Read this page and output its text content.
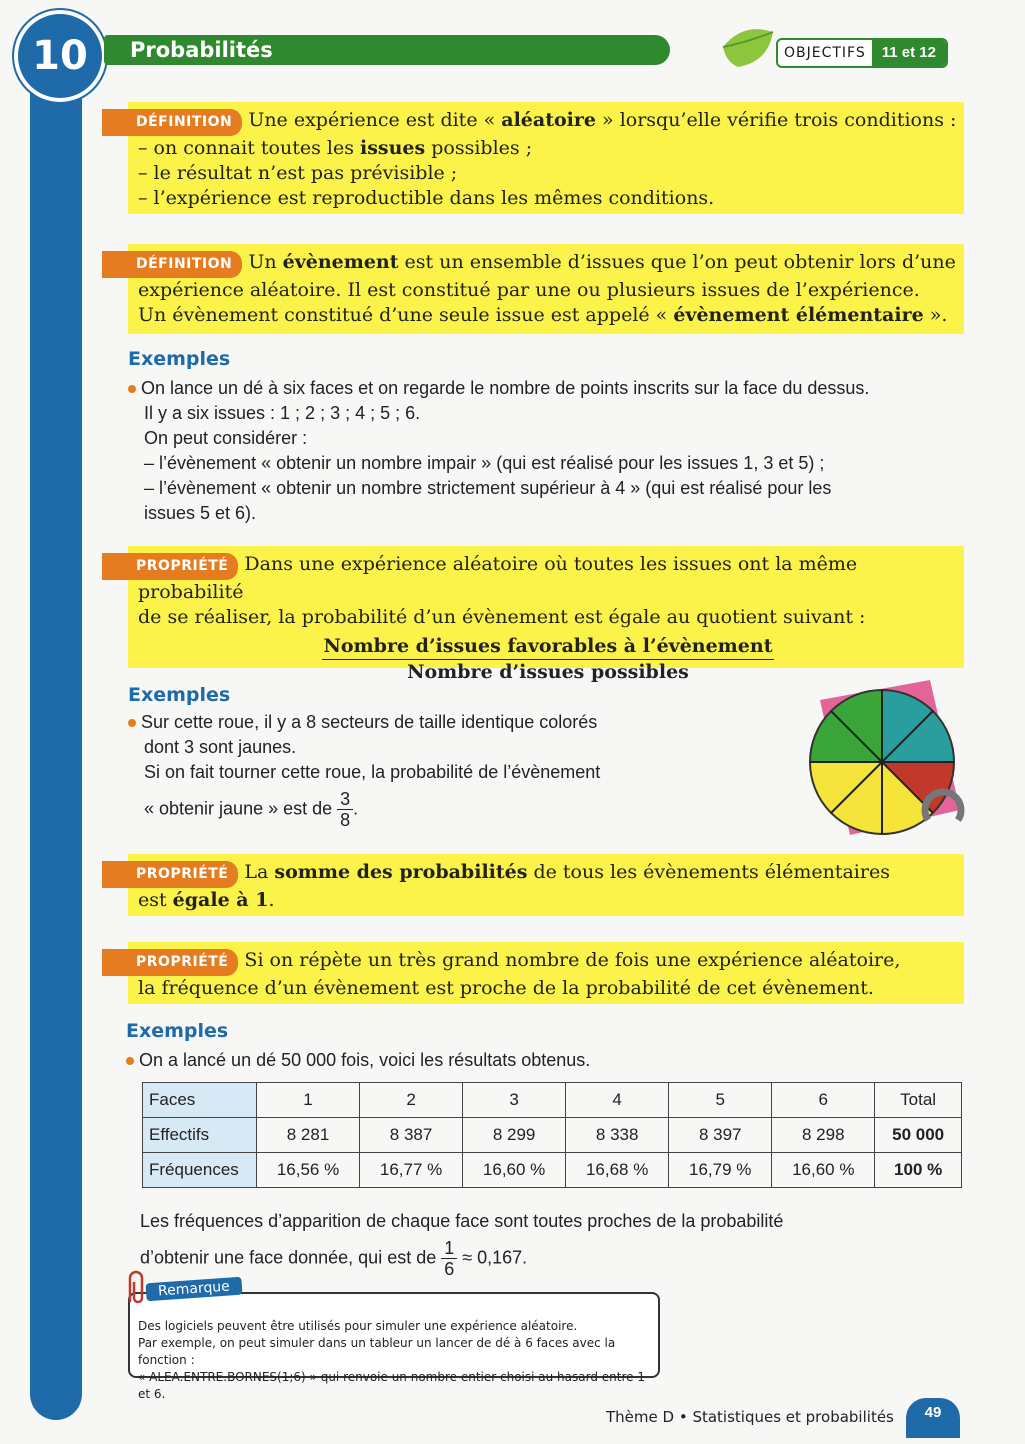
10	Probabilités	OBJECTIFS	11 et 12
DÉFINITION Une expérience est dite « aléatoire » lorsqu’elle vérifie trois conditions :
– on connait toutes les issues possibles ;
– le résultat n’est pas prévisible ;
– l’expérience est reproductible dans les mêmes conditions.
DÉFINITION Un évènement est un ensemble d’issues que l’on peut obtenir lors d’une
expérience aléatoire. Il est constitué par une ou plusieurs issues de l’expérience.
Un évènement constitué d’une seule issue est appelé « évènement élémentaire ».
Exemples
On lance un dé à six faces et on regarde le nombre de points inscrits sur la face du dessus.
Il y a six issues : 1 ; 2 ; 3 ; 4 ; 5 ; 6.
On peut considérer :
– l’évènement « obtenir un nombre impair » (qui est réalisé pour les issues 1, 3 et 5) ;
– l’évènement « obtenir un nombre strictement supérieur à 4 » (qui est réalisé pour les
issues 5 et 6).
PROPRIÉTÉ Dans une expérience aléatoire où toutes les issues ont la même probabilité
de se réaliser, la probabilité d’un évènement est égale au quotient suivant :
Nombre d’issues favorables à l’évènement
Nombre d’issues possibles
Exemples
Sur cette roue, il y a 8 secteurs de taille identique colorés
dont 3 sont jaunes.
Si on fait tourner cette roue, la probabilité de l’évènement
« obtenir jaune » est de $\frac{3}{8}$ .
PROPRIÉTÉ La somme des probabilités de tous les évènements élémentaires
est égale à 1.
PROPRIÉTÉ Si on répète un très grand nombre de fois une expérience aléatoire,
la fréquence d’un évènement est proche de la probabilité de cet évènement.
Exemples
On a lancé un dé 50 000 fois, voici les résultats obtenus.
Faces	1	2	3	4	5	6	Total
Effectifs	8 281	8 387	8 299	8 338	8 397	8 298	50 000
Fréquences	16,56 %	16,77 %	16,60 %	16,68 %	16,79 %	16,60 %	100 %
Les fréquences d’apparition de chaque face sont toutes proches de la probabilité
d’obtenir une face donnée, qui est de $\frac{1}{6} \approx 0,167$.
Remarque
Des logiciels peuvent être utilisés pour simuler une expérience aléatoire.
Par exemple, on peut simuler dans un tableur un lancer de dé à 6 faces avec la fonction :
« ALEA.ENTRE.BORNES(1;6) » qui renvoie un nombre entier choisi au hasard entre 1 et 6.
Thème D • Statistiques et probabilités	49
